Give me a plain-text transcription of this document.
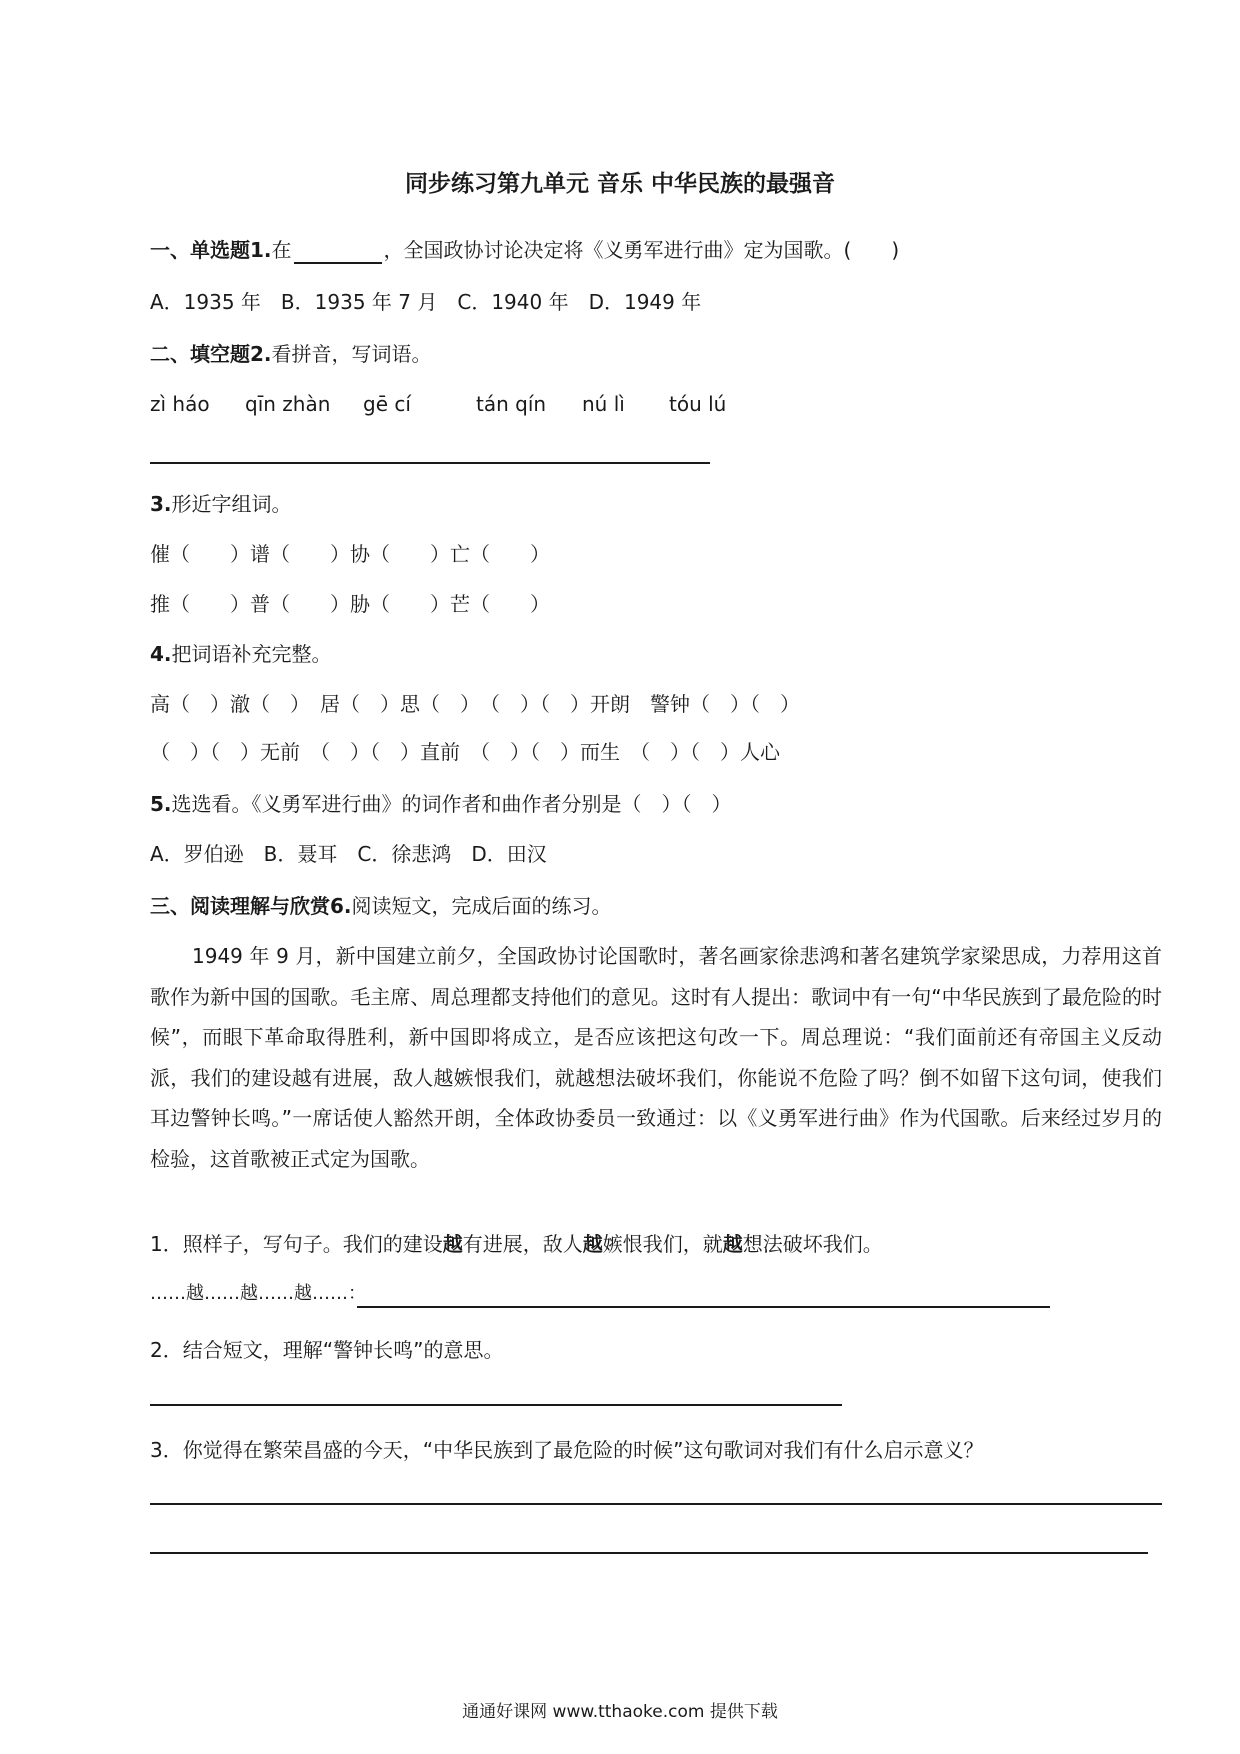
同步练习第九单元 音乐 中华民族的最强音
一、单选题1.在	，全国政协讨论决定将《义勇军进行曲》定为国歌。(　　)
A．1935 年　B．1935 年 7 月　C．1940 年　D．1949 年
二、填空题2.看拼音，写词语。
zì háo qīn zhàn gē cí	tán qín nú lì tóu lú
3.形近字组词。
催（　　）谱（　　）协（　　）亡（　　）
推（　　）普（　　）胁（　　）芒（　　）
4.把词语补充完整。
高（　）澈（　）　居（　）思（　）　（　）（　）开朗　警钟（　）（　）
（　）（　）无前　（　）（　）直前　（　）（　）而生　（　）（　）人心
5.选选看。《义勇军进行曲》的词作者和曲作者分别是（　）（　）
A．罗伯逊　B．聂耳　C．徐悲鸿　D．田汉
三、阅读理解与欣赏6.阅读短文，完成后面的练习。
1949 年 9 月，新中国建立前夕，全国政协讨论国歌时，著名画家徐悲鸿和著名建筑学家梁思成，力荐用这首歌作为新中国的国歌。毛主席、周总理都支持他们的意见。这时有人提出：歌词中有一句“中华民族到了最危险的时候”，而眼下革命取得胜利，新中国即将成立，是否应该把这句改一下。周总理说：“我们面前还有帝国主义反动派，我们的建设越有进展，敌人越嫉恨我们，就越想法破坏我们，你能说不危险了吗？倒不如留下这句词，使我们耳边警钟长鸣。”一席话使人豁然开朗，全体政协委员一致通过：以《义勇军进行曲》作为代国歌。后来经过岁月的检验，这首歌被正式定为国歌。
1．照样子，写句子。我们的建设越有进展，敌人越嫉恨我们，就越想法破坏我们。
……越……越……越……：
2．结合短文，理解“警钟长鸣”的意思。
3．你觉得在繁荣昌盛的今天，“中华民族到了最危险的时候”这句歌词对我们有什么启示意义？
通通好课网 www.tthaoke.com 提供下载
